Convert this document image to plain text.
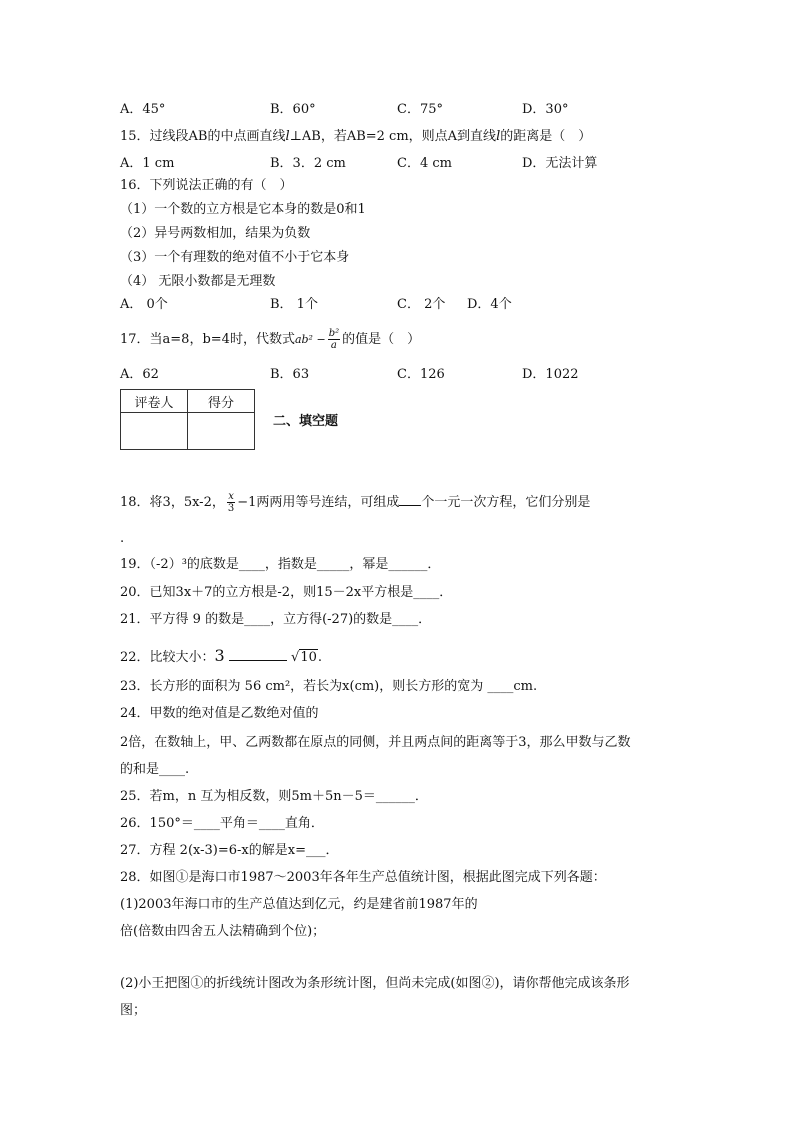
A．45°	B．60°	C．75°	D．30°
15．过线段AB的中点画直线l⊥AB，若AB=2 cm，则点A到直线l的距离是（　）
A．1 cm	B．3．2 cm	C．4 cm	D．无法计算
16．下列说法正确的有（　）
（1）一个数的立方根是它本身的数是0和1
（2）异号两数相加，结果为负数
（3）一个有理数的绝对值不小于它本身
（4） 无限小数都是无理数
A． 0个	B． 1个	C． 2个 D．4个
17．当a=8，b=4时，代数式$ab^2 - \frac{\text{b²}}{a}$ 的值是（　）
A．62	B．63	C．126	D．1022
评卷人	得分

二、填空题
18．将3，5x-2， $\frac{x}{3} -1$两两用等号连结，可组成 个一元一次方程，它们分别是
.
19．（-2）³的底数是____，指数是_____，幂是______．
20．已知3x＋7的立方根是-2，则15－2x平方根是____．
21．平方得 9 的数是____，立方得(-27)的数是____．
22．比较大小：3	√10.
23．长方形的面积为 56 cm²，若长为x(cm)，则长方形的宽为 ____cm.
24．甲数的绝对值是乙数绝对值的
2倍，在数轴上，甲、乙两数都在原点的同侧，并且两点间的距离等于3，那么甲数与乙数
的和是____.
25．若m，n 互为相反数，则5m＋5n－5＝______．
26．150°＝____平角＝____直角．
27．方程 2(x-3)=6-x的解是x=___．
28．如图①是海口市1987～2003年各年生产总值统计图，根据此图完成下列各题：
(1)2003年海口市的生产总值达到亿元，约是建省前1987年的
倍(倍数由四舍五人法精确到个位)；
(2)小王把图①的折线统计图改为条形统计图，但尚未完成(如图②)，请你帮他完成该条形
图；
